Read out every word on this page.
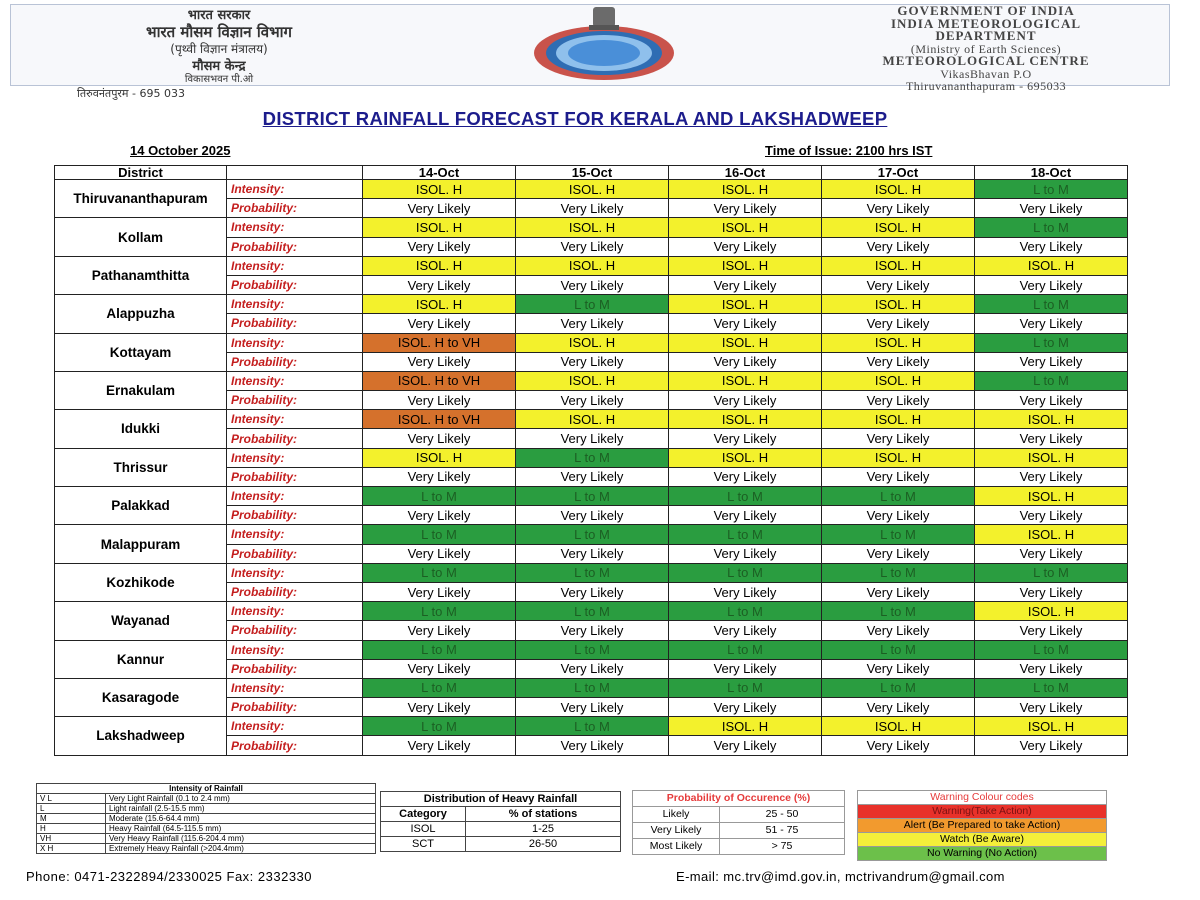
भारत सरकार
भारत मौसम विज्ञान विभाग
(पृथ्वी विज्ञान मंत्रालय)
मौसम केन्द्र
विकासभवन पी.ओ
तिरुवनंतपुरम - 695 033
GOVERNMENT OF INDIA
INDIA METEOROLOGICAL
DEPARTMENT
(Ministry of Earth Sciences)
METEOROLOGICAL CENTRE
VikasBhavan P.O
Thiruvananthapuram - 695033
DISTRICT RAINFALL FORECAST FOR KERALA AND LAKSHADWEEP
14 October 2025	Time of Issue: 2100 hrs IST
District		14-Oct	15-Oct	16-Oct	17-Oct	18-Oct
Thiruvananthapuram	Intensity:	ISOL. H	ISOL. H	ISOL. H	ISOL. H	L to M
	Probability:	Very Likely	Very Likely	Very Likely	Very Likely	Very Likely
Kollam	Intensity:	ISOL. H	ISOL. H	ISOL. H	ISOL. H	L to M
	Probability:	Very Likely	Very Likely	Very Likely	Very Likely	Very Likely
Pathanamthitta	Intensity:	ISOL. H	ISOL. H	ISOL. H	ISOL. H	ISOL. H
	Probability:	Very Likely	Very Likely	Very Likely	Very Likely	Very Likely
Alappuzha	Intensity:	ISOL. H	L to M	ISOL. H	ISOL. H	L to M
	Probability:	Very Likely	Very Likely	Very Likely	Very Likely	Very Likely
Kottayam	Intensity:	ISOL. H to VH	ISOL. H	ISOL. H	ISOL. H	L to M
	Probability:	Very Likely	Very Likely	Very Likely	Very Likely	Very Likely
Ernakulam	Intensity:	ISOL. H to VH	ISOL. H	ISOL. H	ISOL. H	L to M
	Probability:	Very Likely	Very Likely	Very Likely	Very Likely	Very Likely
Idukki	Intensity:	ISOL. H to VH	ISOL. H	ISOL. H	ISOL. H	ISOL. H
	Probability:	Very Likely	Very Likely	Very Likely	Very Likely	Very Likely
Thrissur	Intensity:	ISOL. H	L to M	ISOL. H	ISOL. H	ISOL. H
	Probability:	Very Likely	Very Likely	Very Likely	Very Likely	Very Likely
Palakkad	Intensity:	L to M	L to M	L to M	L to M	ISOL. H
	Probability:	Very Likely	Very Likely	Very Likely	Very Likely	Very Likely
Malappuram	Intensity:	L to M	L to M	L to M	L to M	ISOL. H
	Probability:	Very Likely	Very Likely	Very Likely	Very Likely	Very Likely
Kozhikode	Intensity:	L to M	L to M	L to M	L to M	L to M
	Probability:	Very Likely	Very Likely	Very Likely	Very Likely	Very Likely
Wayanad	Intensity:	L to M	L to M	L to M	L to M	ISOL. H
	Probability:	Very Likely	Very Likely	Very Likely	Very Likely	Very Likely
Kannur	Intensity:	L to M	L to M	L to M	L to M	L to M
	Probability:	Very Likely	Very Likely	Very Likely	Very Likely	Very Likely
Kasaragode	Intensity:	L to M	L to M	L to M	L to M	L to M
	Probability:	Very Likely	Very Likely	Very Likely	Very Likely	Very Likely
Lakshadweep	Intensity:	L to M	L to M	ISOL. H	ISOL. H	ISOL. H
	Probability:	Very Likely	Very Likely	Very Likely	Very Likely	Very Likely
Intensity of Rainfall	
V L	Very Light Rainfall (0.1 to 2.4 mm)
L	Light rainfall (2.5-15.5 mm)
M	Moderate (15.6-64.4 mm)
H	Heavy Rainfall (64.5-115.5 mm)
VH	Very Heavy Rainfall (115.6-204.4 mm)
X H	Extremely Heavy Rainfall (>204.4mm)
Distribution of Heavy Rainfall	
Category	% of stations
ISOL	1-25
SCT	26-50
Probability of Occurence (%)	
Likely	25 - 50
Very Likely	51 - 75
Most Likely	> 75
Warning Colour codes
Warning(Take Action)
Alert (Be Prepared to take Action)
Watch (Be Aware)
No Warning (No Action)
Phone: 0471-2322894/2330025 Fax: 2332330	E-mail: mc.trv@imd.gov.in, mctrivandrum@gmail.com
